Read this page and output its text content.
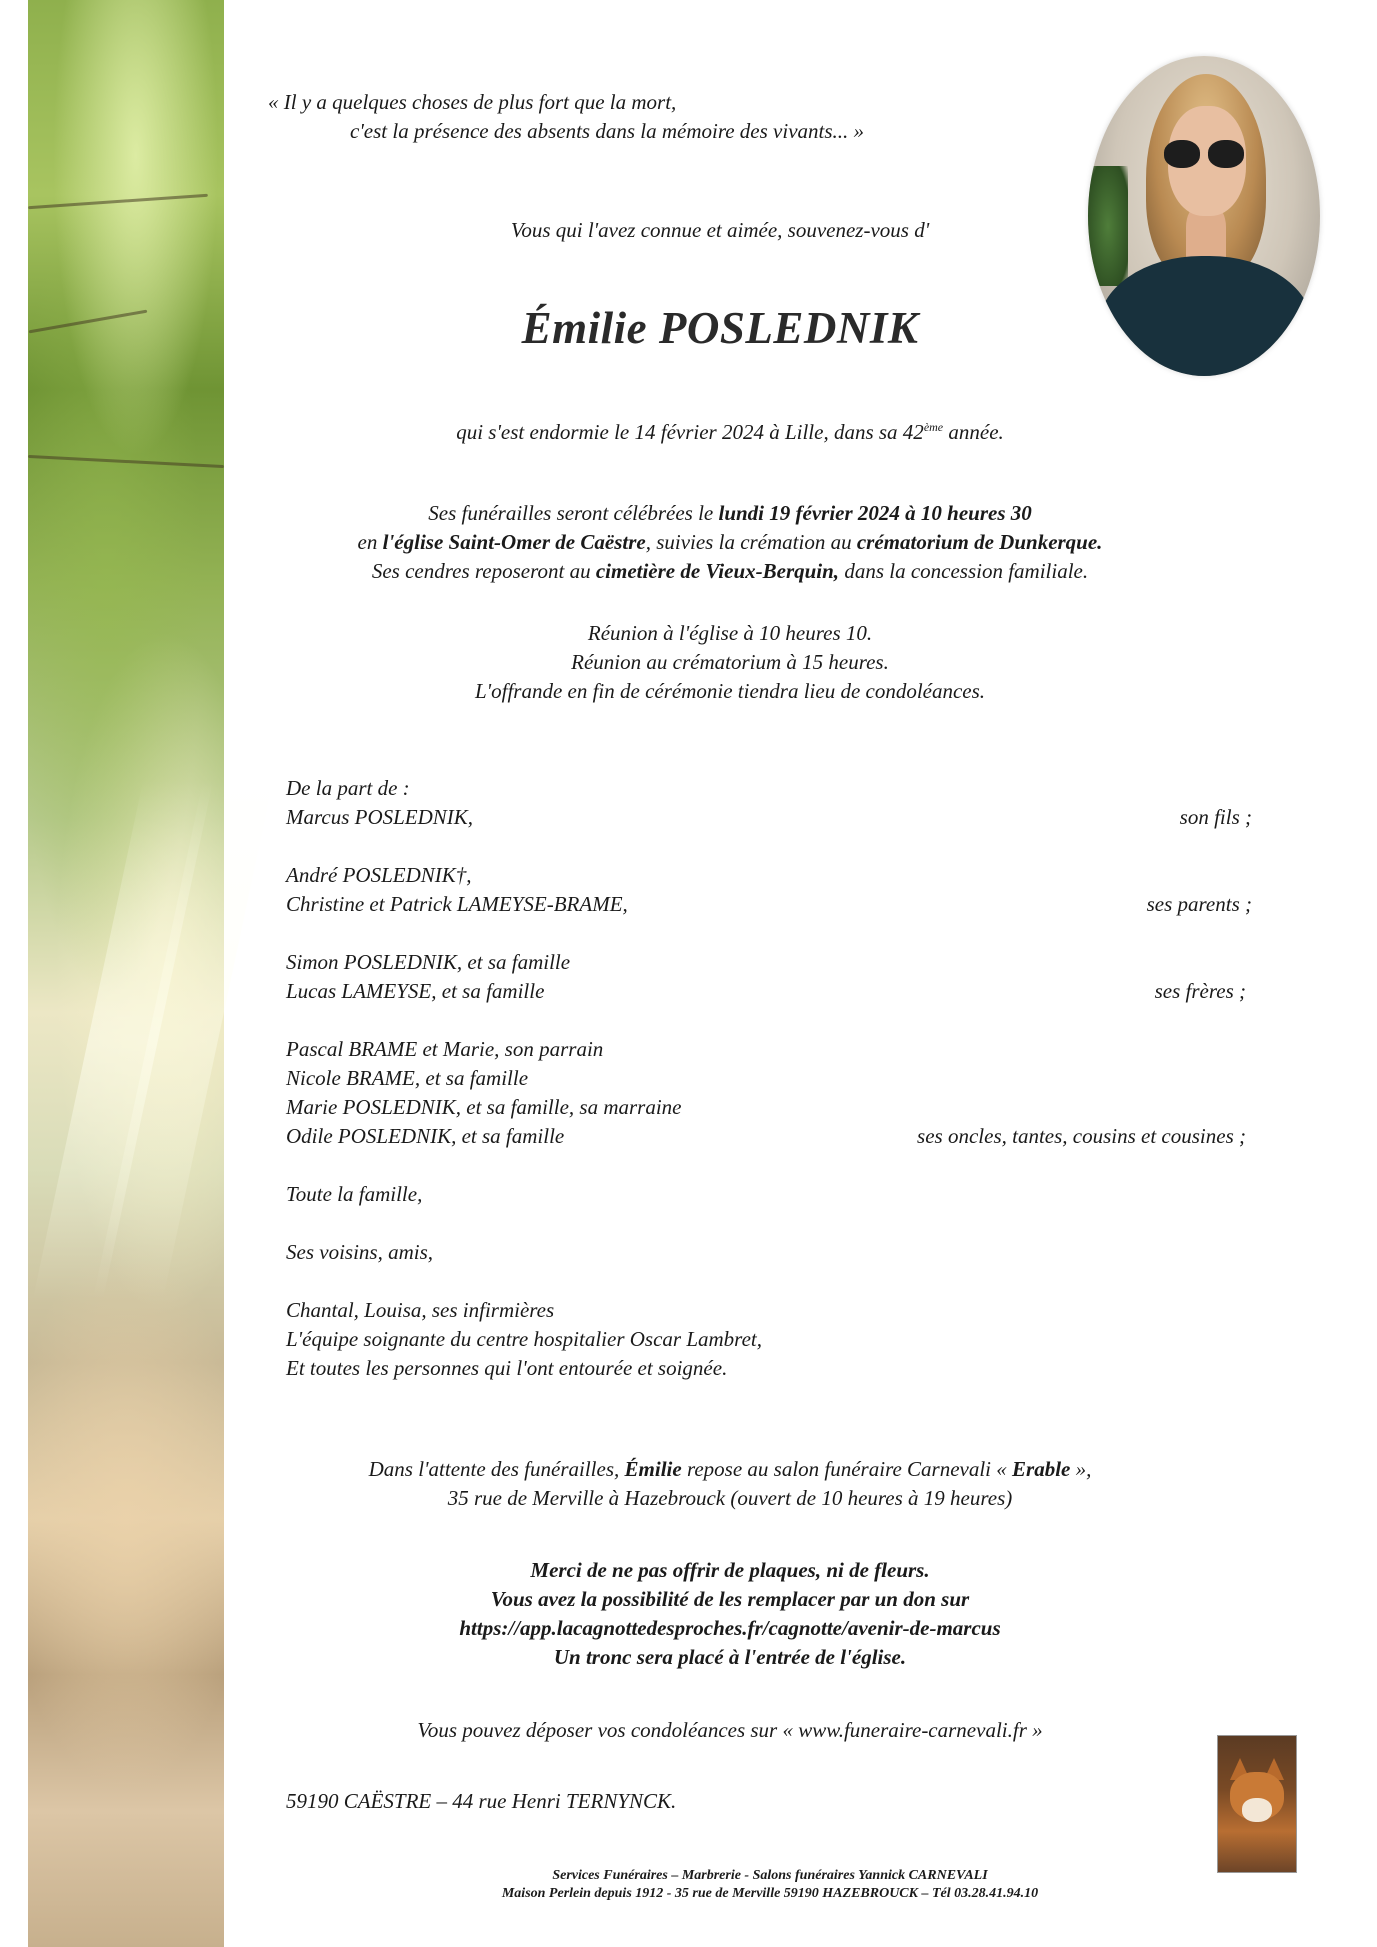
« Il y a quelques choses de plus fort que la mort,
c'est la présence des absents dans la mémoire des vivants... »
Vous qui l'avez connue et aimée, souvenez-vous d'
Émilie POSLEDNIK
qui s'est endormie le 14 février 2024 à Lille, dans sa 42ème année.
Ses funérailles seront célébrées le lundi 19 février 2024 à 10 heures 30
en l'église Saint-Omer de Caëstre, suivies la crémation au crématorium de Dunkerque.
Ses cendres reposeront au cimetière de Vieux-Berquin, dans la concession familiale.
Réunion à l'église à 10 heures 10.
Réunion au crématorium à 15 heures.
L'offrande en fin de cérémonie tiendra lieu de condoléances.
De la part de :
Marcus POSLEDNIK,	son fils ;
André POSLEDNIK†,
Christine et Patrick LAMEYSE-BRAME,	ses parents ;
Simon POSLEDNIK, et sa famille
Lucas LAMEYSE, et sa famille	ses frères ;
Pascal BRAME et Marie, son parrain
Nicole BRAME, et sa famille
Marie POSLEDNIK, et sa famille, sa marraine
Odile POSLEDNIK, et sa famille	ses oncles, tantes, cousins et cousines ;
Toute la famille,
Ses voisins, amis,
Chantal, Louisa, ses infirmières
L'équipe soignante du centre hospitalier Oscar Lambret,
Et toutes les personnes qui l'ont entourée et soignée.
Dans l'attente des funérailles, Émilie repose au salon funéraire Carnevali « Erable »,
35 rue de Merville à Hazebrouck (ouvert de 10 heures à 19 heures)
Merci de ne pas offrir de plaques, ni de fleurs.
Vous avez la possibilité de les remplacer par un don sur
https://app.lacagnottedesproches.fr/cagnotte/avenir-de-marcus
Un tronc sera placé à l'entrée de l'église.
Vous pouvez déposer vos condoléances sur « www.funeraire-carnevali.fr »
59190 CAËSTRE – 44 rue Henri TERNYNCK.
Services Funéraires – Marbrerie - Salons funéraires Yannick CARNEVALI
Maison Perlein depuis 1912 - 35 rue de Merville 59190 HAZEBROUCK – Tél 03.28.41.94.10
